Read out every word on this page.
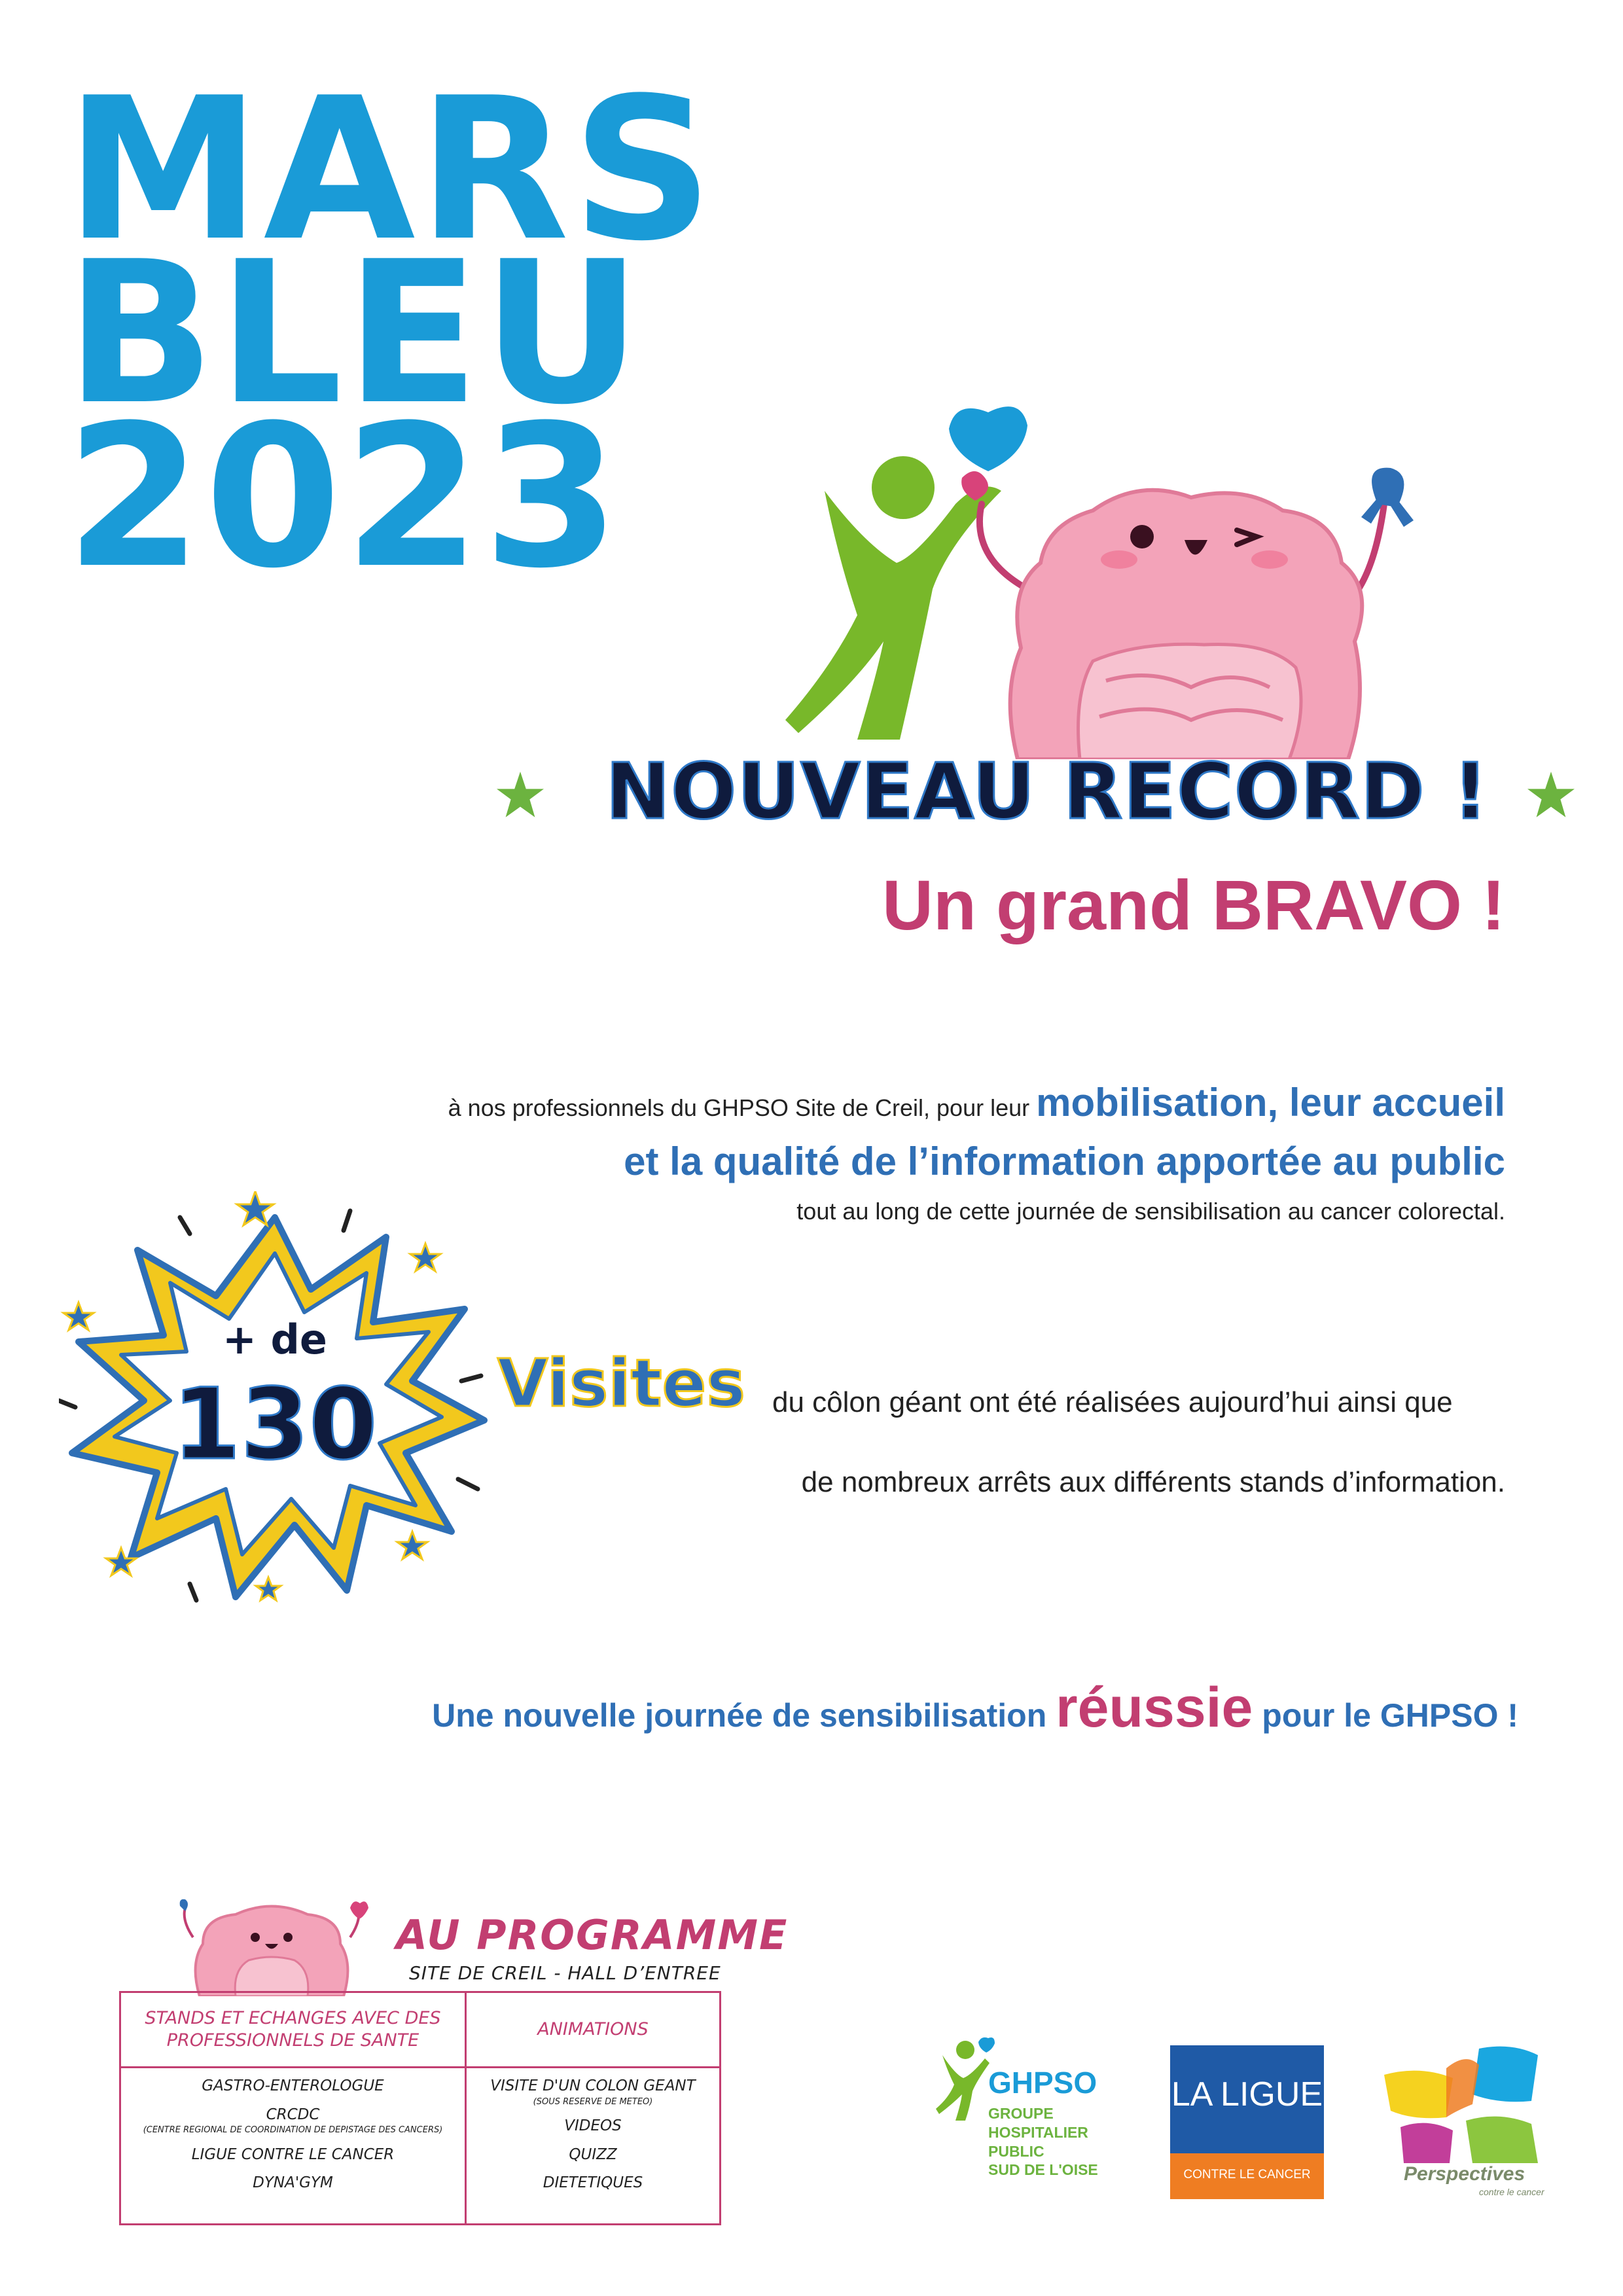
MARS
BLEU
2023
NOUVEAU RECORD !
Un grand BRAVO !
à nos professionnels du GHPSO Site de Creil, pour leur mobilisation, leur accueil
et la qualité de l’information apportée au public
tout au long de cette journée de sensibilisation au cancer colorectal.
+ de
130	Visites du côlon géant ont été réalisées aujourd’hui ainsi que
de nombreux arrêts aux différents stands d’information.
Une nouvelle journée de sensibilisation réussie pour le GHPSO !
AU PROGRAMME
SITE DE CREIL - HALL D’ENTREE
STANDS ET ECHANGES AVEC DES PROFESSIONNELS DE SANTE
GASTRO-ENTEROLOGUE
CRCDC
(CENTRE REGIONAL DE COORDINATION DE DEPISTAGE DES CANCERS)
LIGUE CONTRE LE CANCER
DYNA'GYM
ANIMATIONS
VISITE D'UN COLON GEANT
(SOUS RESERVE DE METEO)
VIDEOS
QUIZZ
DIETETIQUES
GHPSO
GROUPE
HOSPITALIER
PUBLIC
SUD DE L'OISE
LA LIGUE
CONTRE LE CANCER	Perspectives
contre le cancer
